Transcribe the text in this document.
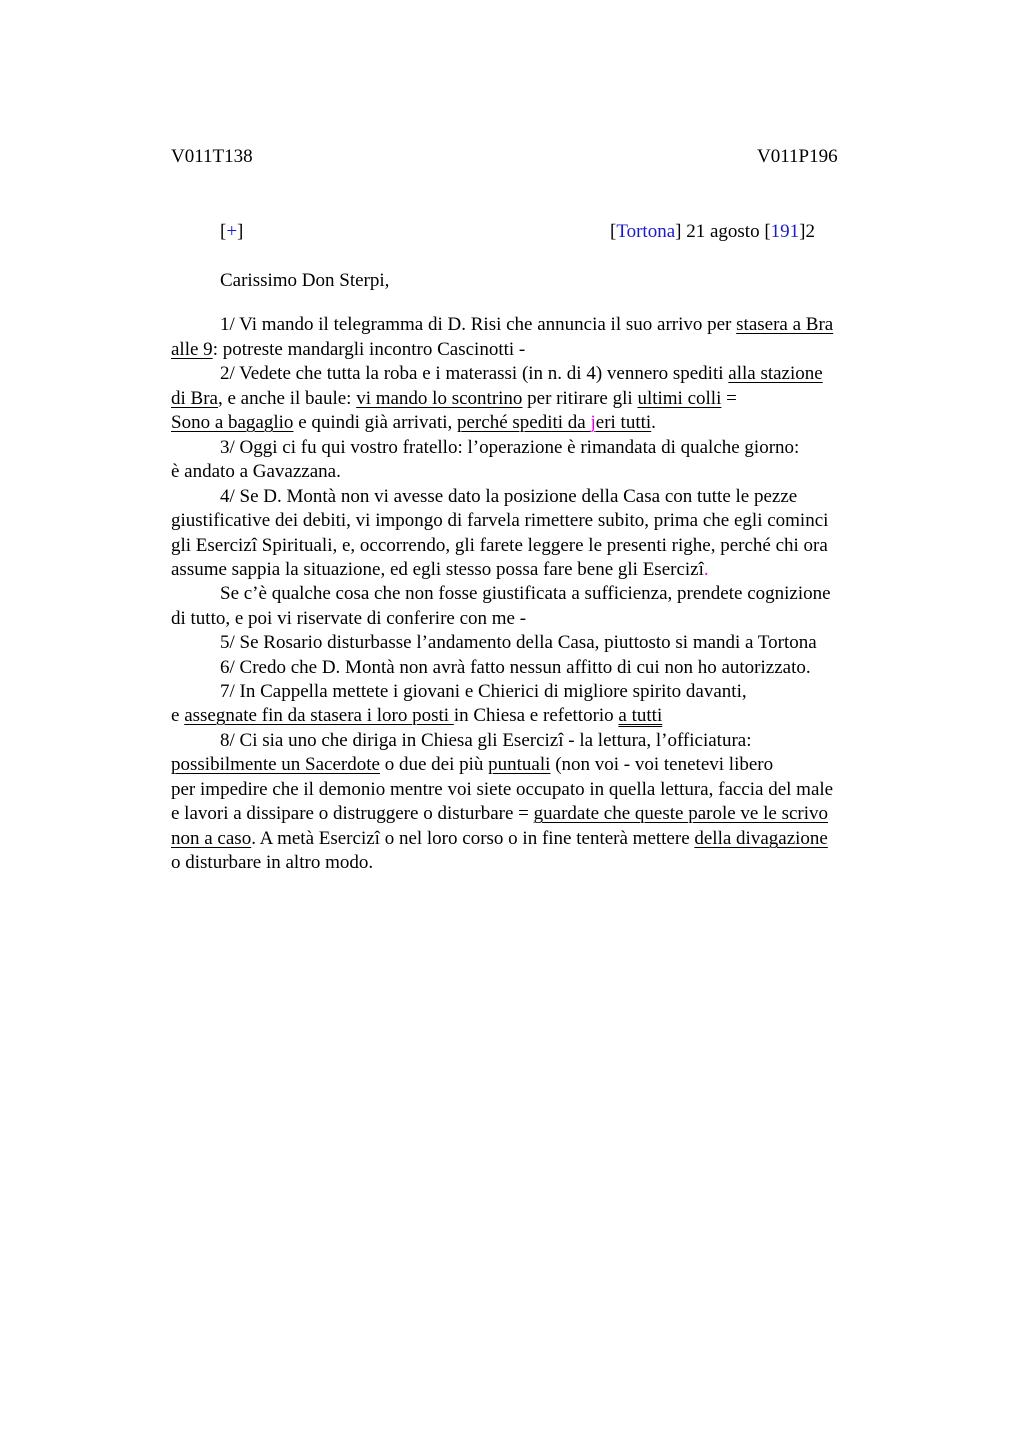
V011T138	V011P196
[+]	[Tortona] 21 agosto [191]2
Carissimo Don Sterpi,
1/ Vi mando il telegramma di D. Risi che annuncia il suo arrivo per stasera a Bra
alle 9: potreste mandargli incontro Cascinotti -
2/ Vedete che tutta la roba e i materassi (in n. di 4) vennero spediti alla stazione
di Bra, e anche il baule: vi mando lo scontrino per ritirare gli ultimi colli =
Sono a bagaglio e quindi già arrivati, perché spediti da jeri tutti.
3/ Oggi ci fu qui vostro fratello: l’operazione è rimandata di qualche giorno:
è andato a Gavazzana.
4/ Se D. Montà non vi avesse dato la posizione della Casa con tutte le pezze
giustificative dei debiti, vi impongo di farvela rimettere subito, prima che egli cominci
gli Esercizi Spirituali, e, occorrendo, gli farete leggere le presenti righe, perché chi ora
assume sappia la situazione, ed egli stesso possa fare bene gli Esercizî.
Se c’è qualche cosa che non fosse giustificata a sufficienza, prendete cognizione
di tutto, e poi vi riservate di conferire con me -
5/ Se Rosario disturbasse l’andamento della Casa, piuttosto si mandi a Tortona
6/ Credo che D. Montà non avrà fatto nessun affitto di cui non ho autorizzato.
7/ In Cappella mettete i giovani e Chierici di migliore spirito davanti,
e assegnate fin da stasera i loro posti in Chiesa e refettorio a tutti
8/ Ci sia uno che diriga in Chiesa gli Esercizi - la lettura, l’officiatura:
possibilmente un Sacerdote o due dei più puntuali (non voi - voi tenetevi libero
per impedire che il demonio mentre voi siete occupato in quella lettura, faccia del male
e lavori a dissipare o distruggere o disturbare = guardate che queste parole ve le scrivo
non a caso. A metà Esercizi o nel loro corso o in fine tenterà mettere della divagazione
o disturbare in altro modo.
